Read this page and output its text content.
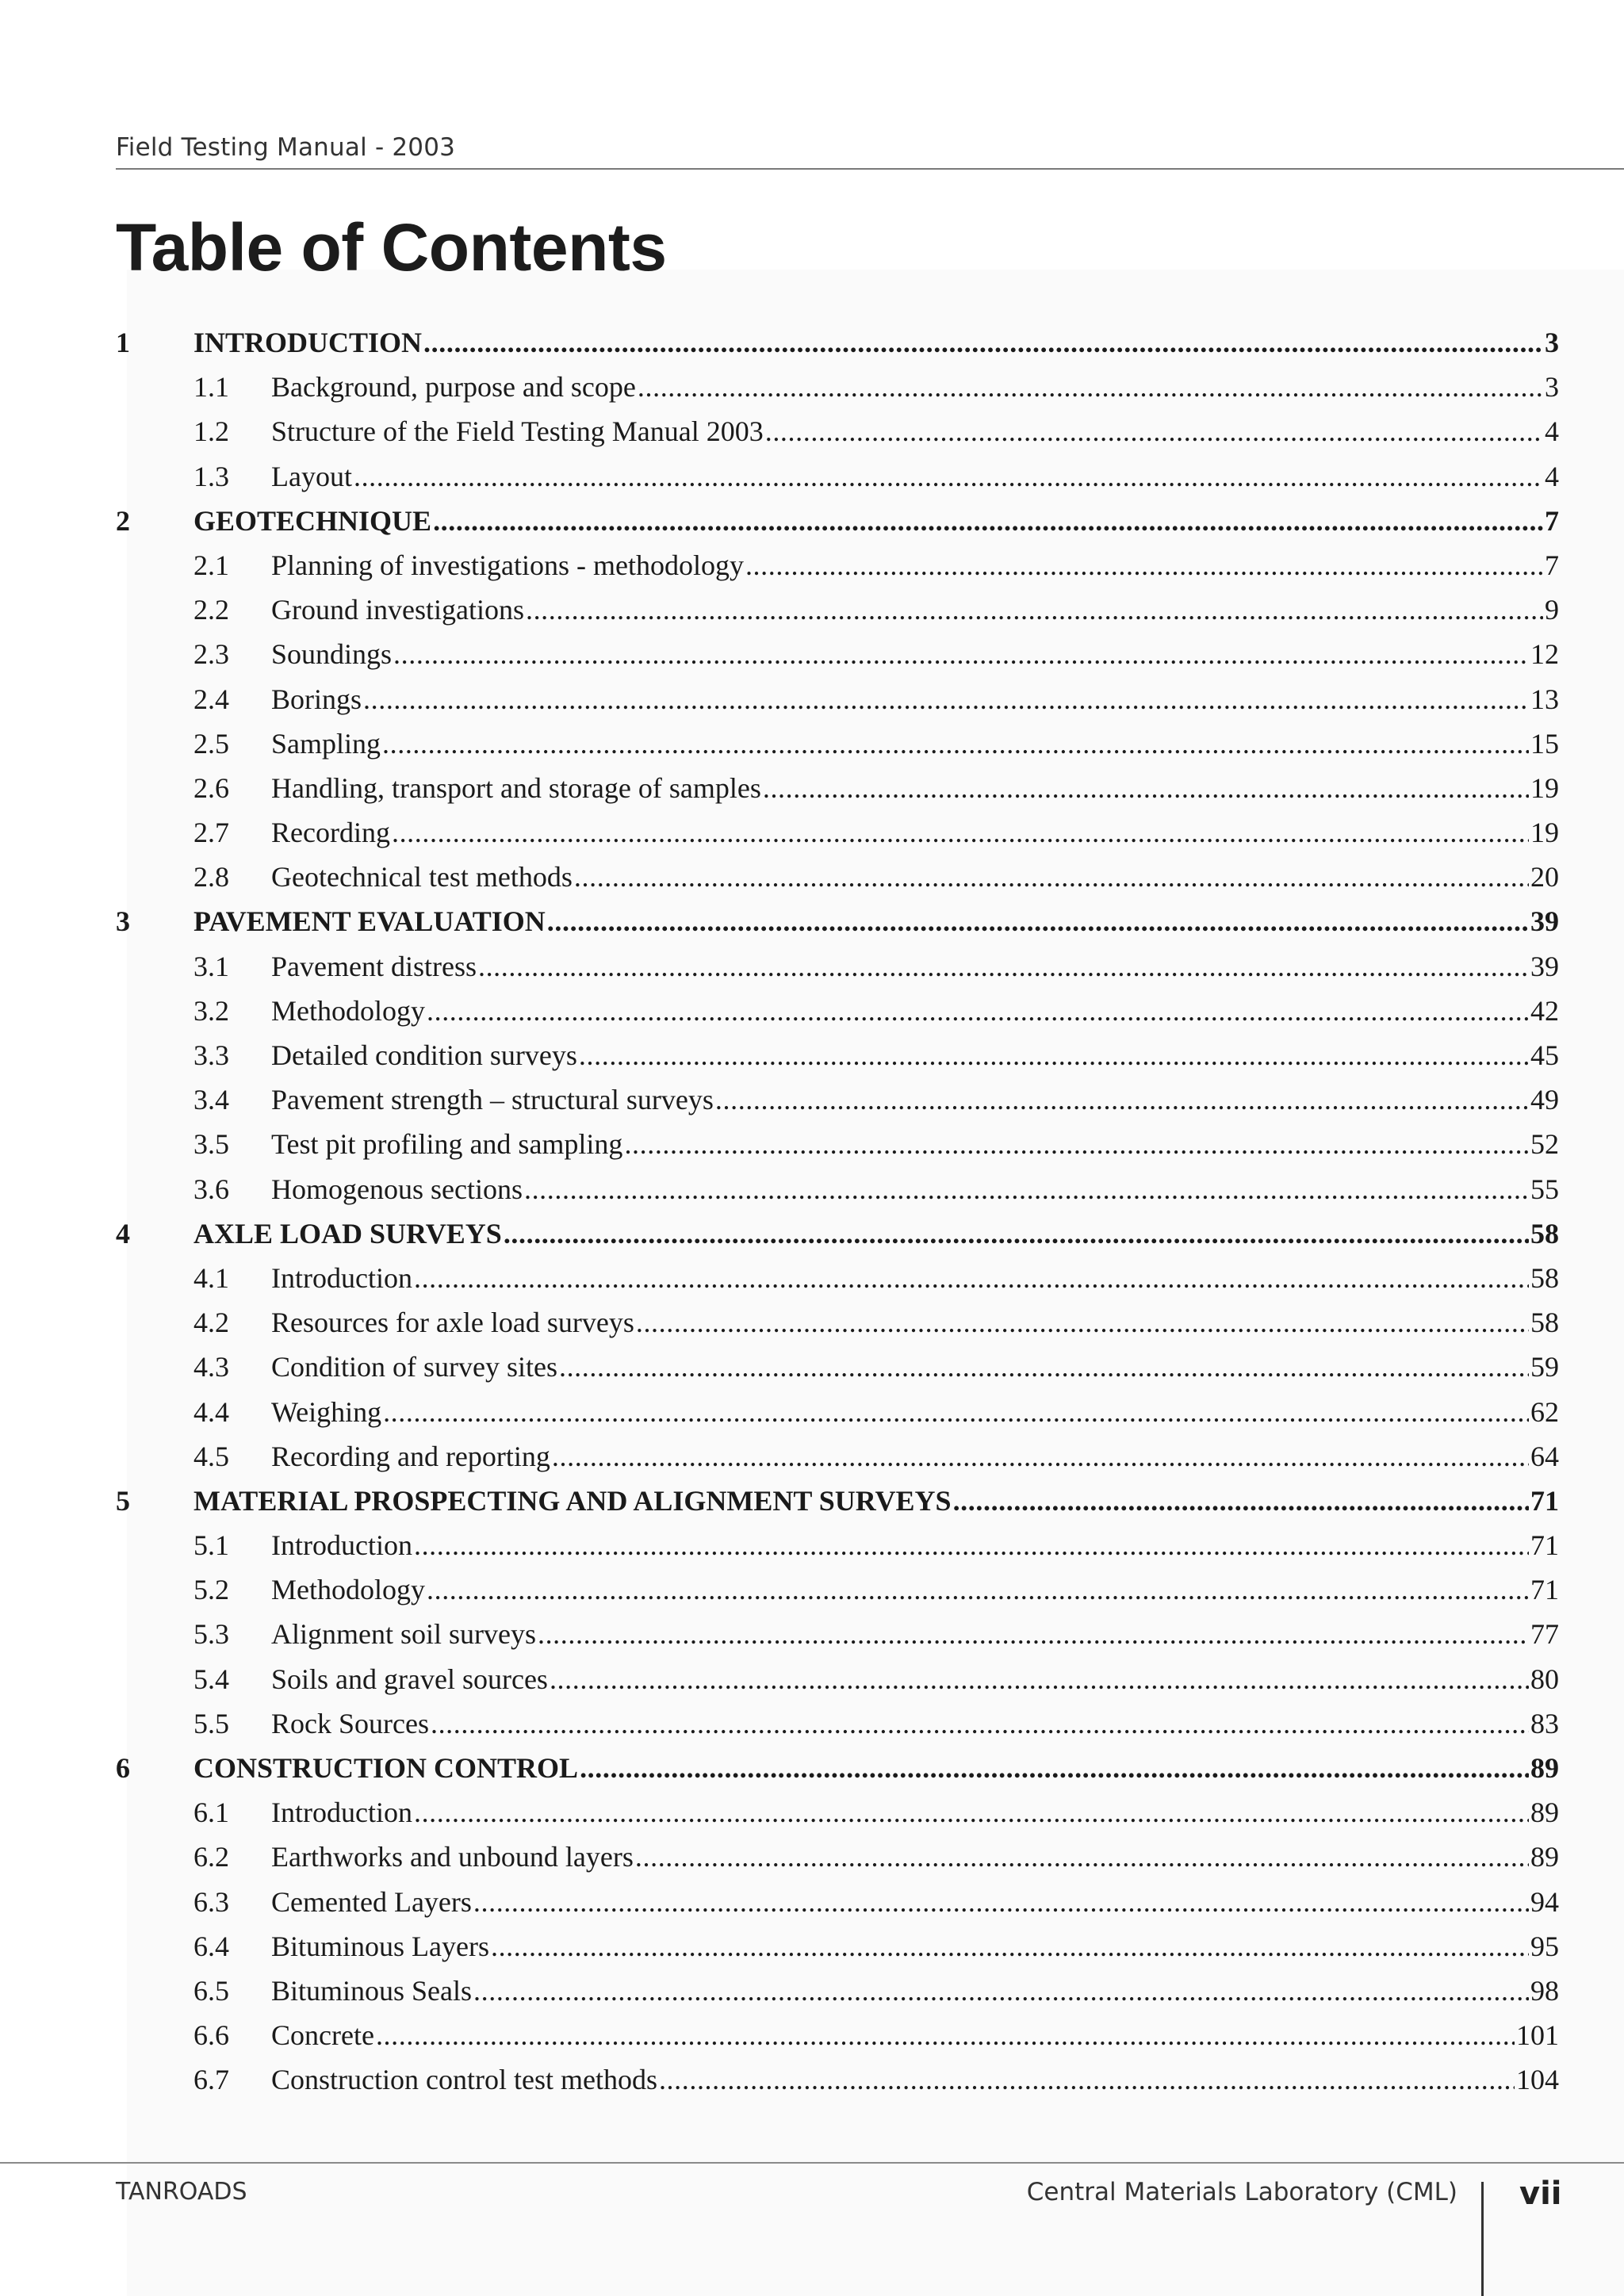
Field Testing Manual - 2003
Table of Contents
1	INTRODUCTION .....	3
1.1	Background, purpose and scope .....	3
1.2	Structure of the Field Testing Manual 2003 .....	4
1.3	Layout .....	4
2	GEOTECHNIQUE .....	7
2.1	Planning of investigations - methodology .....	7
2.2	Ground investigations .....	9
2.3	Soundings .....	12
2.4	Borings .....	13
2.5	Sampling .....	15
2.6	Handling, transport and storage of samples .....	19
2.7	Recording .....	19
2.8	Geotechnical test methods .....	20
3	PAVEMENT EVALUATION .....	39
3.1	Pavement distress .....	39
3.2	Methodology .....	42
3.3	Detailed condition surveys .....	45
3.4	Pavement strength – structural surveys .....	49
3.5	Test pit profiling and sampling .....	52
3.6	Homogenous sections .....	55
4	AXLE LOAD SURVEYS .....	58
4.1	Introduction .....	58
4.2	Resources for axle load surveys .....	58
4.3	Condition of survey sites .....	59
4.4	Weighing .....	62
4.5	Recording and reporting .....	64
5	MATERIAL PROSPECTING AND ALIGNMENT SURVEYS .....	71
5.1	Introduction .....	71
5.2	Methodology .....	71
5.3	Alignment soil surveys .....	77
5.4	Soils and gravel sources .....	80
5.5	Rock Sources .....	83
6	CONSTRUCTION CONTROL .....	89
6.1	Introduction .....	89
6.2	Earthworks and unbound layers .....	89
6.3	Cemented Layers .....	94
6.4	Bituminous Layers .....	95
6.5	Bituminous Seals .....	98
6.6	Concrete .....	101
6.7	Construction control test methods .....	104
TANROADS	Central Materials Laboratory (CML) vii
